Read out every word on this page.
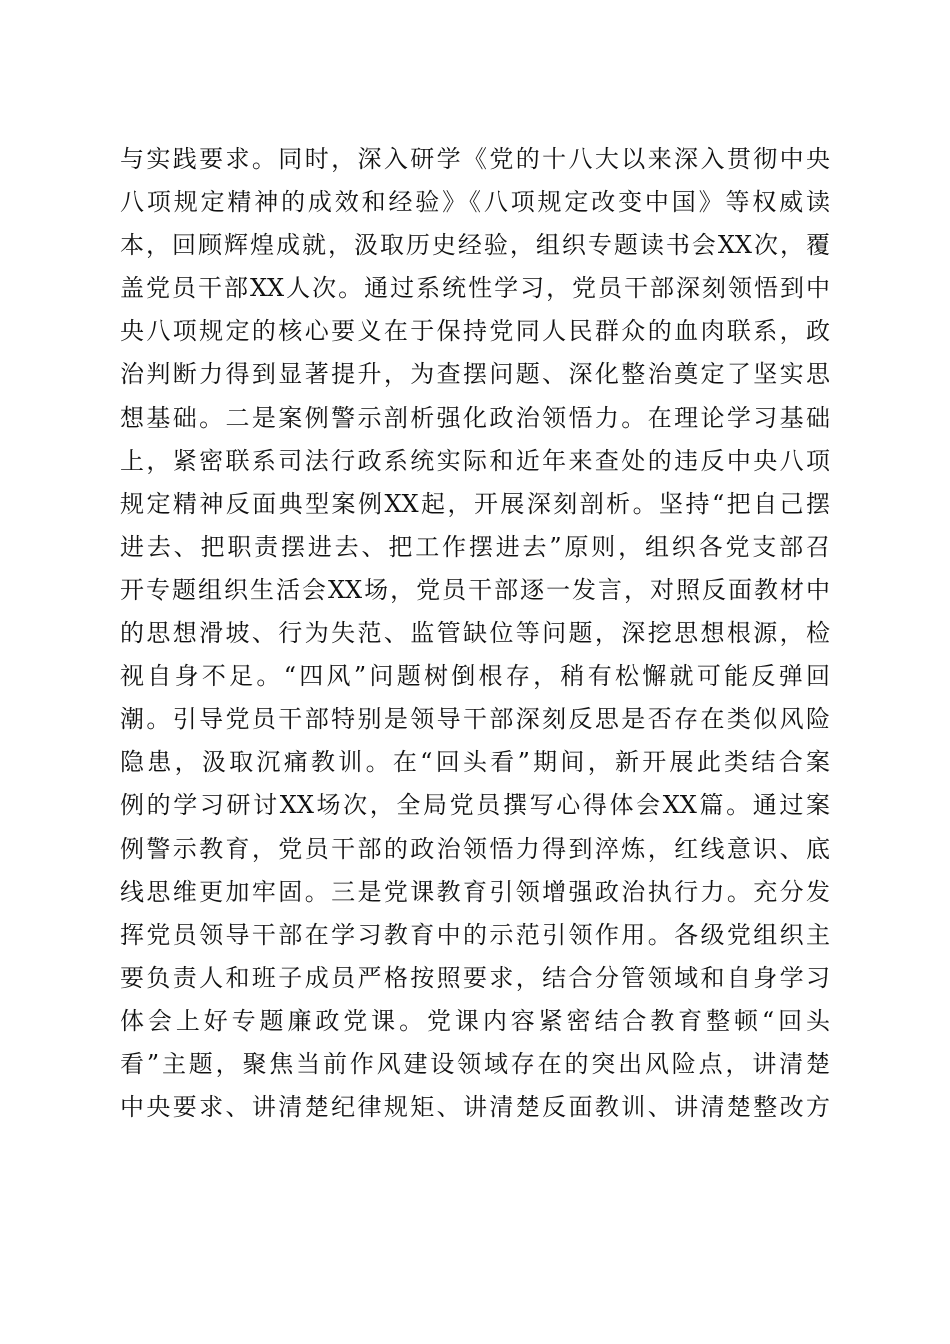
与实践要求。同时，深入研学《党的十八大以来深入贯彻中央
八项规定精神的成效和经验》《八项规定改变中国》等权威读
本，回顾辉煌成就，汲取历史经验，组织专题读书会XX次，覆
盖党员干部XX人次。通过系统性学习，党员干部深刻领悟到中
央八项规定的核心要义在于保持党同人民群众的血肉联系，政
治判断力得到显著提升，为查摆问题、深化整治奠定了坚实思
想基础。二是案例警示剖析强化政治领悟力。在理论学习基础
上，紧密联系司法行政系统实际和近年来查处的违反中央八项
规定精神反面典型案例XX起，开展深刻剖析。坚持“把自己摆
进去、把职责摆进去、把工作摆进去”原则，组织各党支部召
开专题组织生活会XX场，党员干部逐一发言，对照反面教材中
的思想滑坡、行为失范、监管缺位等问题，深挖思想根源，检
视自身不足。“四风”问题树倒根存，稍有松懈就可能反弹回
潮。引导党员干部特别是领导干部深刻反思是否存在类似风险
隐患，汲取沉痛教训。在“回头看”期间，新开展此类结合案
例的学习研讨XX场次，全局党员撰写心得体会XX篇。通过案
例警示教育，党员干部的政治领悟力得到淬炼，红线意识、底
线思维更加牢固。三是党课教育引领增强政治执行力。充分发
挥党员领导干部在学习教育中的示范引领作用。各级党组织主
要负责人和班子成员严格按照要求，结合分管领域和自身学习
体会上好专题廉政党课。党课内容紧密结合教育整顿“回头
看”主题，聚焦当前作风建设领域存在的突出风险点，讲清楚
中央要求、讲清楚纪律规矩、讲清楚反面教训、讲清楚整改方
